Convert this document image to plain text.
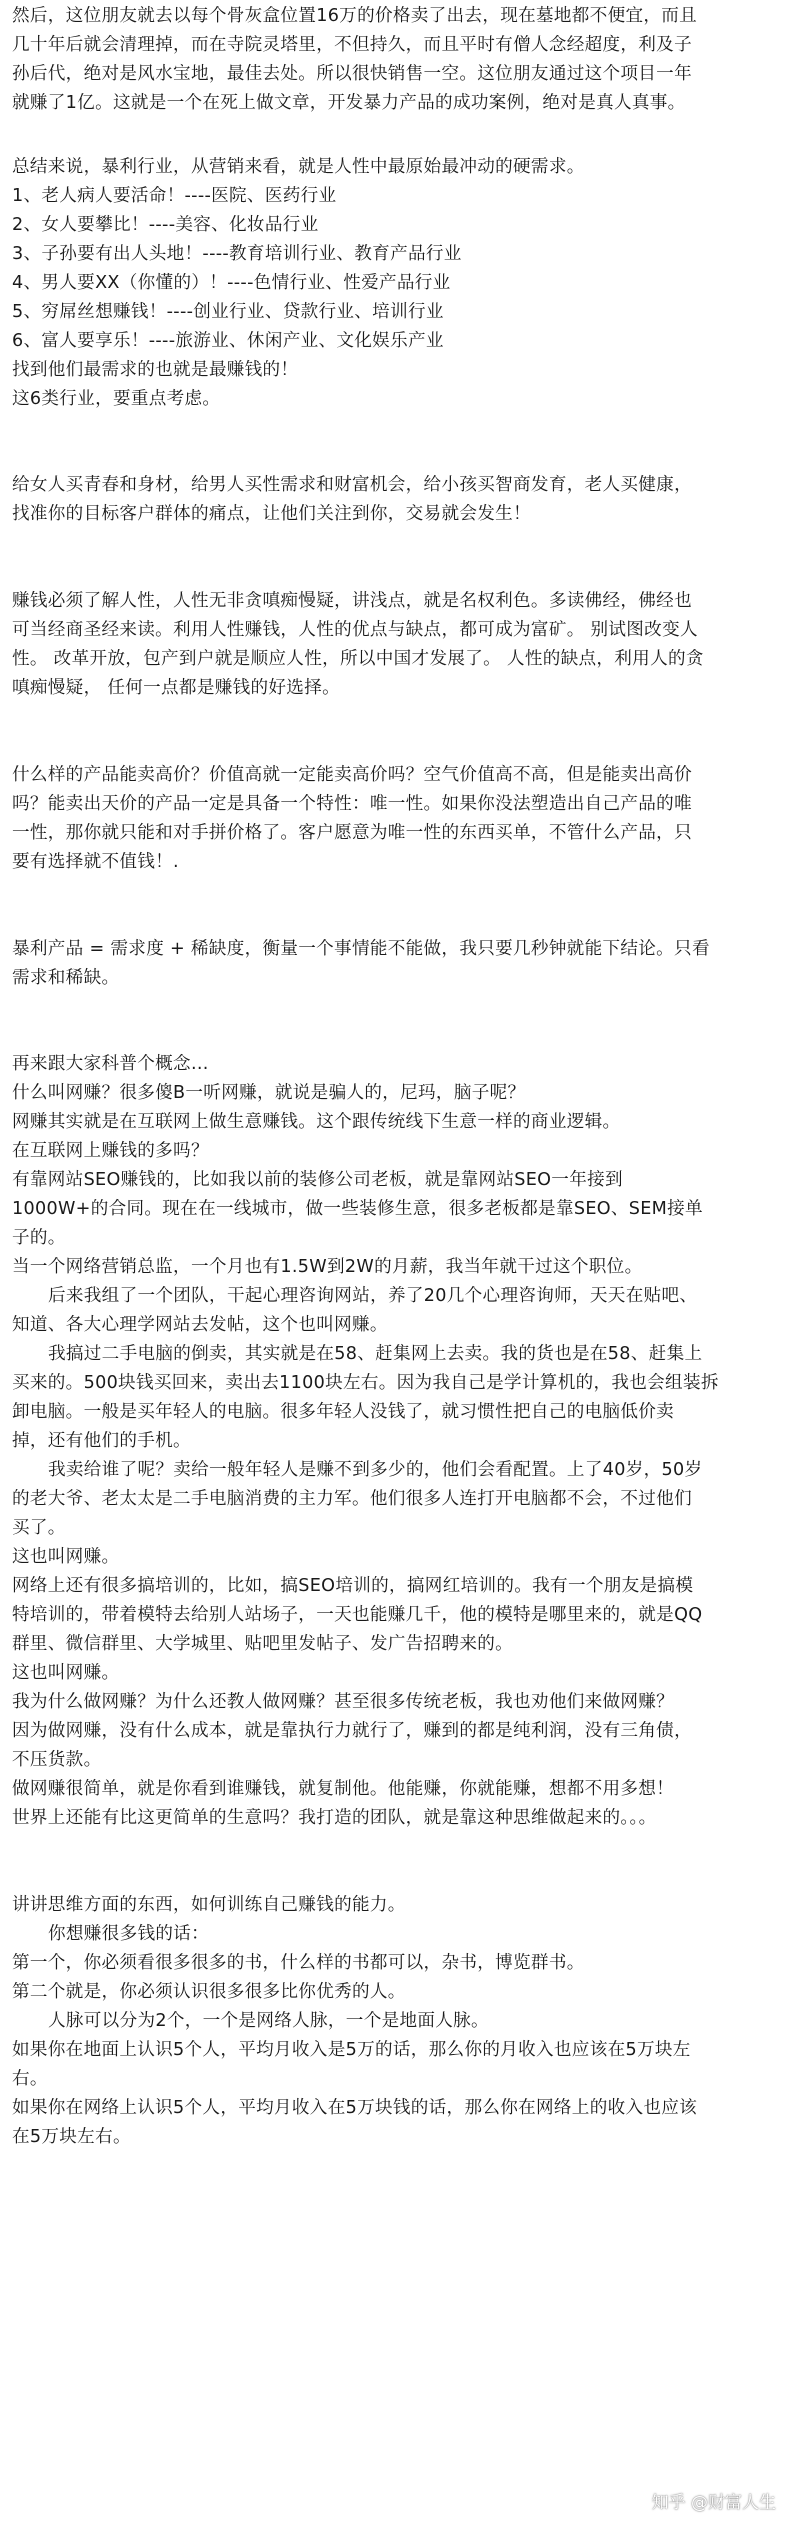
然后，这位朋友就去以每个骨灰盒位置16万的价格卖了出去，现在墓地都不便宜，而且
几十年后就会清理掉，而在寺院灵塔里，不但持久，而且平时有僧人念经超度，利及子
孙后代，绝对是风水宝地，最佳去处。所以很快销售一空。这位朋友通过这个项目一年
就赚了1亿。这就是一个在死上做文章，开发暴力产品的成功案例，绝对是真人真事。
总结来说，暴利行业，从营销来看，就是人性中最原始最冲动的硬需求。
1、老人病人要活命！----医院、医药行业
2、女人要攀比！----美容、化妆品行业
3、子孙要有出人头地！----教育培训行业、教育产品行业
4、男人要XX（你懂的）！----色情行业、性爱产品行业
5、穷屌丝想赚钱！----创业行业、贷款行业、培训行业
6、富人要享乐！----旅游业、休闲产业、文化娱乐产业
找到他们最需求的也就是最赚钱的！
这6类行业，要重点考虑。
给女人买青春和身材，给男人买性需求和财富机会，给小孩买智商发育，老人买健康，
找准你的目标客户群体的痛点，让他们关注到你，交易就会发生！
赚钱必须了解人性，人性无非贪嗔痴慢疑，讲浅点，就是名权利色。多读佛经，佛经也
可当经商圣经来读。利用人性赚钱，人性的优点与缺点，都可成为富矿。 别试图改变人
性。 改革开放，包产到户就是顺应人性，所以中国才发展了。 人性的缺点，利用人的贪
嗔痴慢疑， 任何一点都是赚钱的好选择。
什么样的产品能卖高价？价值高就一定能卖高价吗？空气价值高不高，但是能卖出高价
吗？能卖出天价的产品一定是具备一个特性：唯一性。如果你没法塑造出自己产品的唯
一性，那你就只能和对手拼价格了。客户愿意为唯一性的东西买单，不管什么产品，只
要有选择就不值钱！.
暴利产品 = 需求度 + 稀缺度，衡量一个事情能不能做，我只要几秒钟就能下结论。只看
需求和稀缺。
再来跟大家科普个概念...
什么叫网赚？很多傻B一听网赚，就说是骗人的，尼玛，脑子呢？
网赚其实就是在互联网上做生意赚钱。这个跟传统线下生意一样的商业逻辑。
在互联网上赚钱的多吗？
有靠网站SEO赚钱的，比如我以前的装修公司老板，就是靠网站SEO一年接到
1000W+的合同。现在在一线城市，做一些装修生意，很多老板都是靠SEO、SEM接单
子的。
当一个网络营销总监，一个月也有1.5W到2W的月薪，我当年就干过这个职位。
后来我组了一个团队，干起心理咨询网站，养了20几个心理咨询师，天天在贴吧、
知道、各大心理学网站去发帖，这个也叫网赚。
我搞过二手电脑的倒卖，其实就是在58、赶集网上去卖。我的货也是在58、赶集上
买来的。500块钱买回来，卖出去1100块左右。因为我自己是学计算机的，我也会组装拆
卸电脑。一般是买年轻人的电脑。很多年轻人没钱了，就习惯性把自己的电脑低价卖
掉，还有他们的手机。
我卖给谁了呢？卖给一般年轻人是赚不到多少的，他们会看配置。上了40岁，50岁
的老大爷、老太太是二手电脑消费的主力军。他们很多人连打开电脑都不会，不过他们
买了。
这也叫网赚。
网络上还有很多搞培训的，比如，搞SEO培训的，搞网红培训的。我有一个朋友是搞模
特培训的，带着模特去给别人站场子，一天也能赚几千，他的模特是哪里来的，就是QQ
群里、微信群里、大学城里、贴吧里发帖子、发广告招聘来的。
这也叫网赚。
我为什么做网赚？为什么还教人做网赚？甚至很多传统老板，我也劝他们来做网赚？
因为做网赚，没有什么成本，就是靠执行力就行了，赚到的都是纯利润，没有三角债，
不压货款。
做网赚很简单，就是你看到谁赚钱，就复制他。他能赚，你就能赚，想都不用多想！
世界上还能有比这更简单的生意吗？我打造的团队，就是靠这种思维做起来的。。。
讲讲思维方面的东西，如何训练自己赚钱的能力。
你想赚很多钱的话：
第一个，你必须看很多很多的书，什么样的书都可以，杂书，博览群书。
第二个就是，你必须认识很多很多比你优秀的人。
人脉可以分为2个，一个是网络人脉，一个是地面人脉。
如果你在地面上认识5个人，平均月收入是5万的话，那么你的月收入也应该在5万块左
右。
如果你在网络上认识5个人，平均月收入在5万块钱的话，那么你在网络上的收入也应该
在5万块左右。
知乎 @财富人生
